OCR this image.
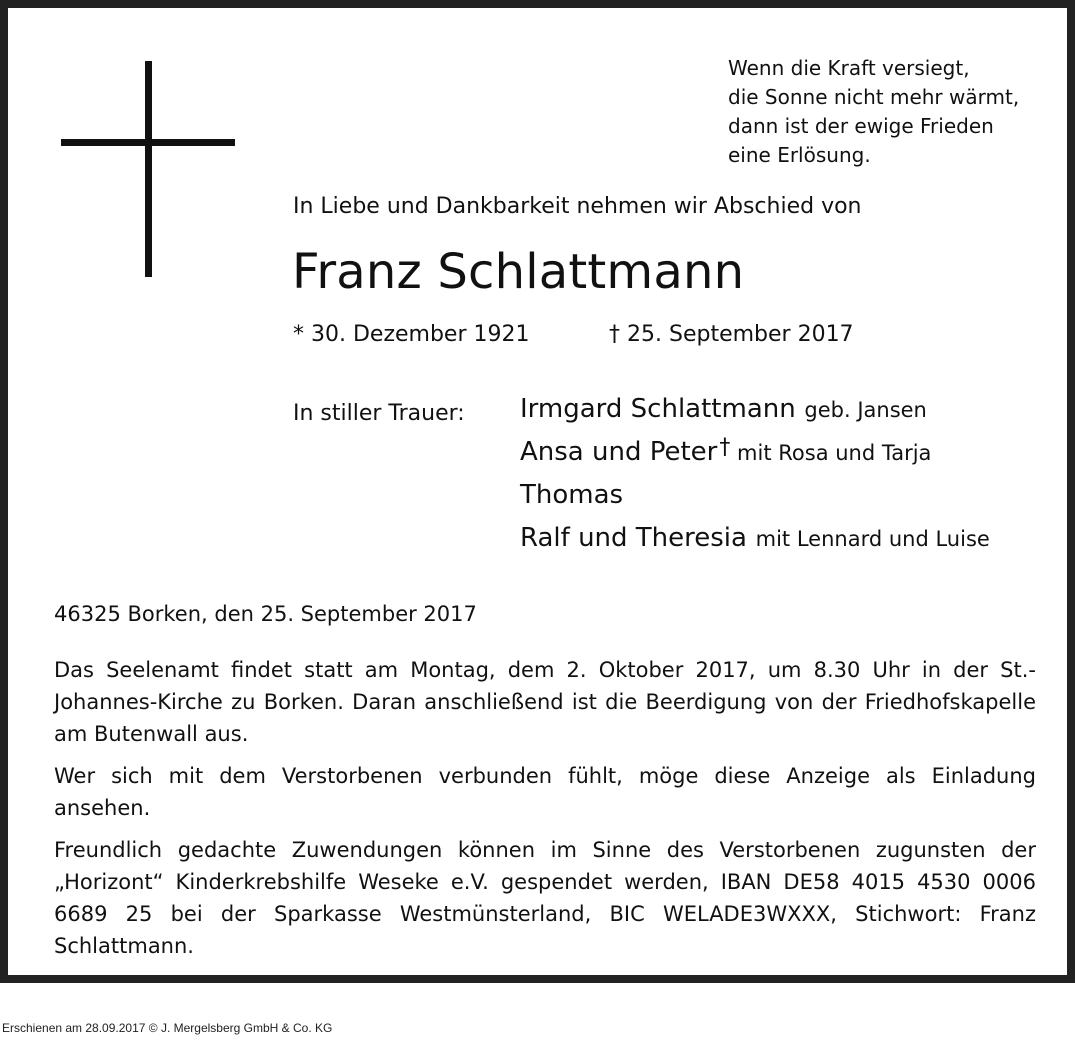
Wenn die Kraft versiegt,
die Sonne nicht mehr wärmt,
dann ist der ewige Frieden
eine Erlösung.
In Liebe und Dankbarkeit nehmen wir Abschied von
Franz Schlattmann
* 30. Dezember 1921	† 25. September 2017
In stiller Trauer: Irmgard Schlattmann geb. Jansen
Ansa und Peter† mit Rosa und Tarja
Thomas
Ralf und Theresia mit Lennard und Luise
46325 Borken, den 25. September 2017

Das Seelenamt findet statt am Montag, dem 2. Oktober 2017, um 8.30 Uhr in der St.-Johannes-Kirche zu Borken. Daran anschließend ist die Beerdigung von der Friedhofskapelle am Butenwall aus.

Wer sich mit dem Verstorbenen verbunden fühlt, möge diese Anzeige als Einladung ansehen.

Freundlich gedachte Zuwendungen können im Sinne des Verstorbenen zugunsten der „Horizont“ Kinderkrebshilfe Weseke e.V. gespendet werden, IBAN DE58 4015 4530 0006 6689 25 bei der Sparkasse Westmünsterland, BIC WELADE3WXXX, Stichwort: Franz Schlattmann.

Erschienen am 28.09.2017 © J. Mergelsberg GmbH & Co. KG
